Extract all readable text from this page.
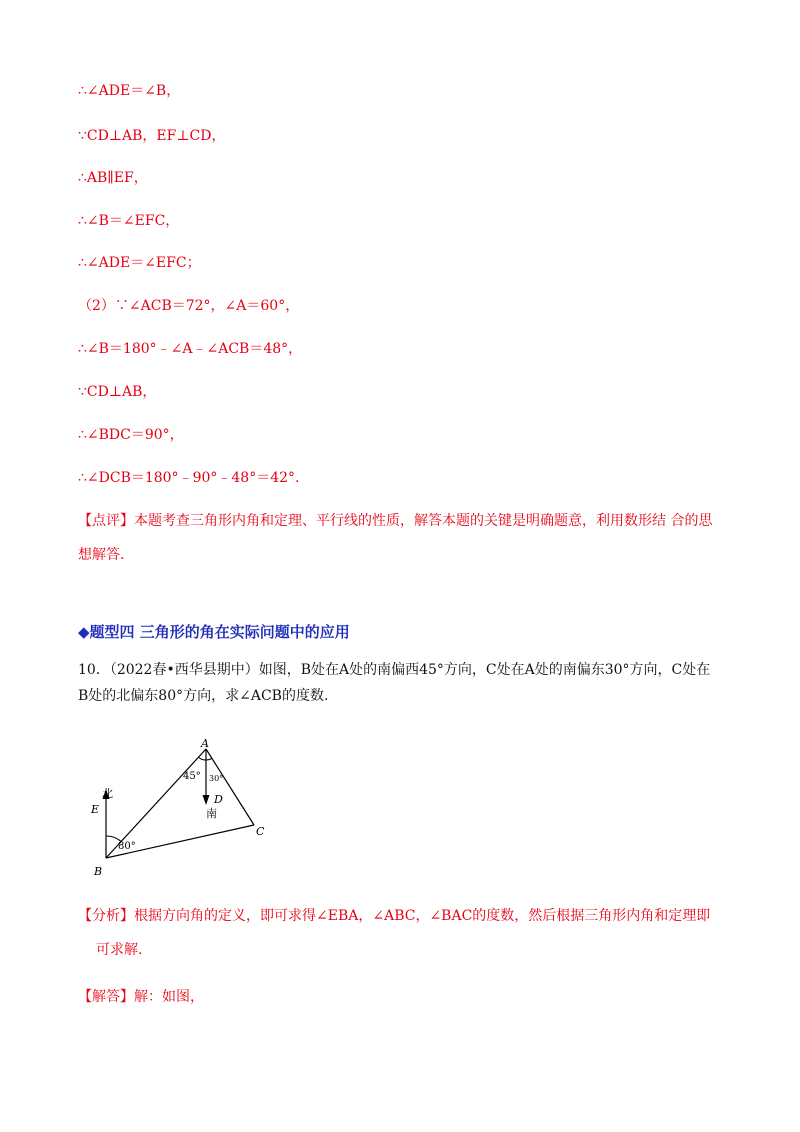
∴∠ADE＝∠B，
∵CD⊥AB，EF⊥CD，
∴AB∥EF，
∴∠B＝∠EFC，
∴∠ADE＝∠EFC；
（2）∵∠ACB＝72°，∠A＝60°，
∴∠B＝180°﹣∠A﹣∠ACB＝48°，
∵CD⊥AB，
∴∠BDC＝90°，
∴∠DCB＝180°﹣90°﹣48°＝42°.
【点评】本题考查三角形内角和定理、平行线的性质，解答本题的关键是明确题意，利用数形结 合的思
想解答.
◆题型四 三角形的角在实际问题中的应用
10．（2022春•西华县期中）如图，B处在A处的南偏西45°方向，C处在A处的南偏东30°方向，C处在
B处的北偏东80°方向，求∠ACB的度数.
A
B
C
D
E
北
南
45° 30°
80°
【分析】根据方向角的定义，即可求得∠EBA，∠ABC，∠BAC的度数，然后根据三角形内角和定理即
可求解.
【解答】解：如图，
